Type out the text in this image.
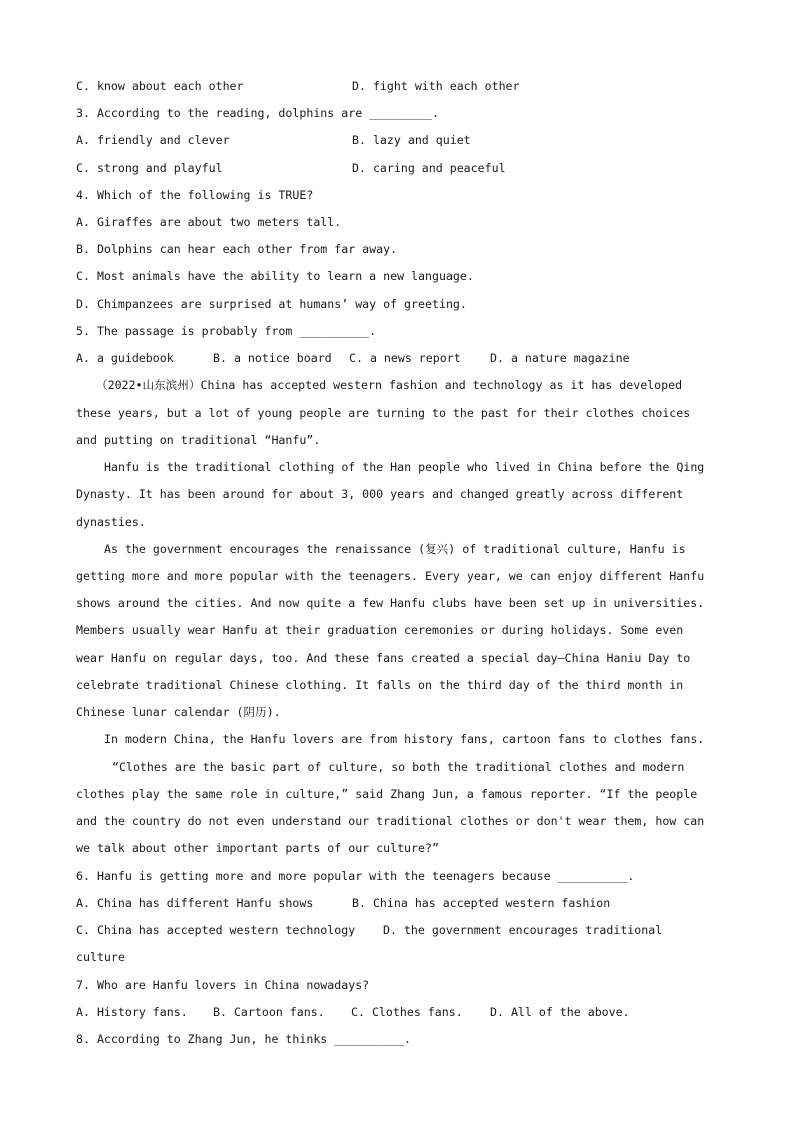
C. know about each other	D. fight with each other
3. According to the reading, dolphins are _________.
A. friendly and clever	B. lazy and quiet
C. strong and playful	D. caring and peaceful
4. Which of the following is TRUE?
A. Giraffes are about two meters tall.
B. Dolphins can hear each other from far away.
C. Most animals have the ability to learn a new language.
D. Chimpanzees are surprised at humans’ way of greeting.
5. The passage is probably from __________.
A. a guidebook	B. a notice board C. a news report	D. a nature magazine
（2022•山东滨州）China has accepted western fashion and technology as it has developed
these years, but a lot of young people are turning to the past for their clothes choices
and putting on traditional “Hanfu”.
Hanfu is the traditional clothing of the Han people who lived in China before the Qing
Dynasty. It has been around for about 3, 000 years and changed greatly across different
dynasties.
As the government encourages the renaissance (复兴) of traditional culture, Hanfu is
getting more and more popular with the teenagers. Every year, we can enjoy different Hanfu
shows around the cities. And now quite a few Hanfu clubs have been set up in universities.
Members usually wear Hanfu at their graduation ceremonies or during holidays. Some even
wear Hanfu on regular days, too. And these fans created a special day—China Haniu Day to
celebrate traditional Chinese clothing. It falls on the third day of the third month in
Chinese lunar calendar (阴历).
In modern China, the Hanfu lovers are from history fans, cartoon fans to clothes fans.
“Clothes are the basic part of culture, so both the traditional clothes and modern
clothes play the same role in culture,” said Zhang Jun, a famous reporter. “If the people
and the country do not even understand our traditional clothes or don't wear them, how can
we talk about other important parts of our culture?”
6. Hanfu is getting more and more popular with the teenagers because __________.
A. China has different Hanfu shows	B. China has accepted western fashion
C. China has accepted western technology D. the government encourages traditional
culture
7. Who are Hanfu lovers in China nowadays?
A. History fans. B. Cartoon fans. C. Clothes fans. D. All of the above.
8. According to Zhang Jun, he thinks __________.
